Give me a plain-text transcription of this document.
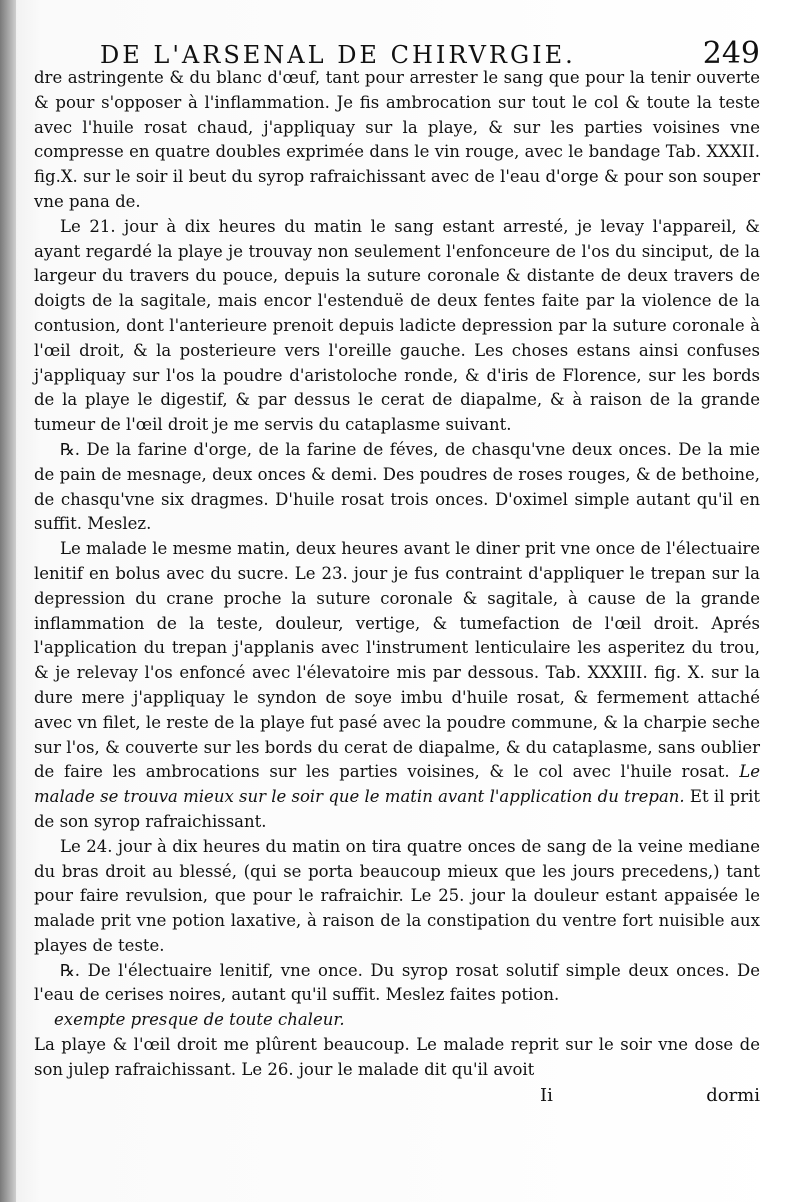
DE L'ARSENAL DE CHIRVRGIE.	249

dre astringente & du blanc d'œuf, tant pour arrester le sang que pour la tenir ouverte & pour s'opposer à l'inflammation. Je fis ambrocation sur tout le col & toute la teste avec l'huile rosat chaud, j'appliquay sur la playe, & sur les parties voisines vne compresse en quatre doubles exprimée dans le vin rouge, avec le bandage Tab. XXXII. fig.X. sur le soir il beut du syrop rafraichissant avec de l'eau d'orge & pour son souper vne pana de.

Le 21. jour à dix heures du matin le sang estant arresté, je levay l'appareil, & ayant regardé la playe je trouvay non seulement l'enfonceure de l'os du sinciput, de la largeur du travers du pouce, depuis la suture coronale & distante de deux travers de doigts de la sagitale, mais encor l'estenduë de deux fentes faite par la violence de la contusion, dont l'anterieure prenoit depuis ladicte depression par la suture coronale à l'œil droit, & la posterieure vers l'oreille gauche. Les choses estans ainsi confuses j'appliquay sur l'os la poudre d'aristoloche ronde, & d'iris de Florence, sur les bords de la playe le digestif, & par dessus le cerat de diapalme, & à raison de la grande tumeur de l'œil droit je me servis du cataplasme suivant.

℞. De la farine d'orge, de la farine de féves, de chasqu'vne deux onces. De la mie de pain de mesnage, deux onces & demi. Des poudres de roses rouges, & de bethoine, de chasqu'vne six dragmes. D'huile rosat trois onces. D'oximel simple autant qu'il en suffit. Meslez.

Le malade le mesme matin, deux heures avant le diner prit vne once de l'électuaire lenitif en bolus avec du sucre. Le 23. jour je fus contraint d'appliquer le trepan sur la depression du crane proche la suture coronale & sagitale, à cause de la grande inflammation de la teste, douleur, vertige, & tumefaction de l'œil droit. Aprés l'application du trepan j'applanis avec l'instrument lenticulaire les asperitez du trou, & je relevay l'os enfoncé avec l'élevatoire mis par dessous. Tab. XXXIII. fig. X. sur la dure mere j'appliquay le syndon de soye imbu d'huile rosat, & fermement attaché avec vn filet, le reste de la playe fut pasé avec la poudre commune, & la charpie seche sur l'os, & couverte sur les bords du cerat de diapalme, & du cataplasme, sans oublier de faire les ambrocations sur les parties voisines, & le col avec l'huile rosat. Le malade se trouva mieux sur le soir que le matin avant l'application du trepan. Et il prit de son syrop rafraichissant.

Le 24. jour à dix heures du matin on tira quatre onces de sang de la veine mediane du bras droit au blessé, (qui se porta beaucoup mieux que les jours precedens,) tant pour faire revulsion, que pour le rafraichir. Le 25. jour la douleur estant appaisée le malade prit vne potion laxative, à raison de la constipation du ventre fort nuisible aux playes de teste.

℞. De l'électuaire lenitif, vne once. Du syrop rosat solutif simple deux onces. De l'eau de cerises noires, autant qu'il suffit. Meslez faites potion.

exempte presque de toute chaleur.

La playe & l'œil droit me plûrent beaucoup. Le malade reprit sur le soir vne dose de son julep rafraichissant. Le 26. jour le malade dit qu'il avoit

Ii	dormi
